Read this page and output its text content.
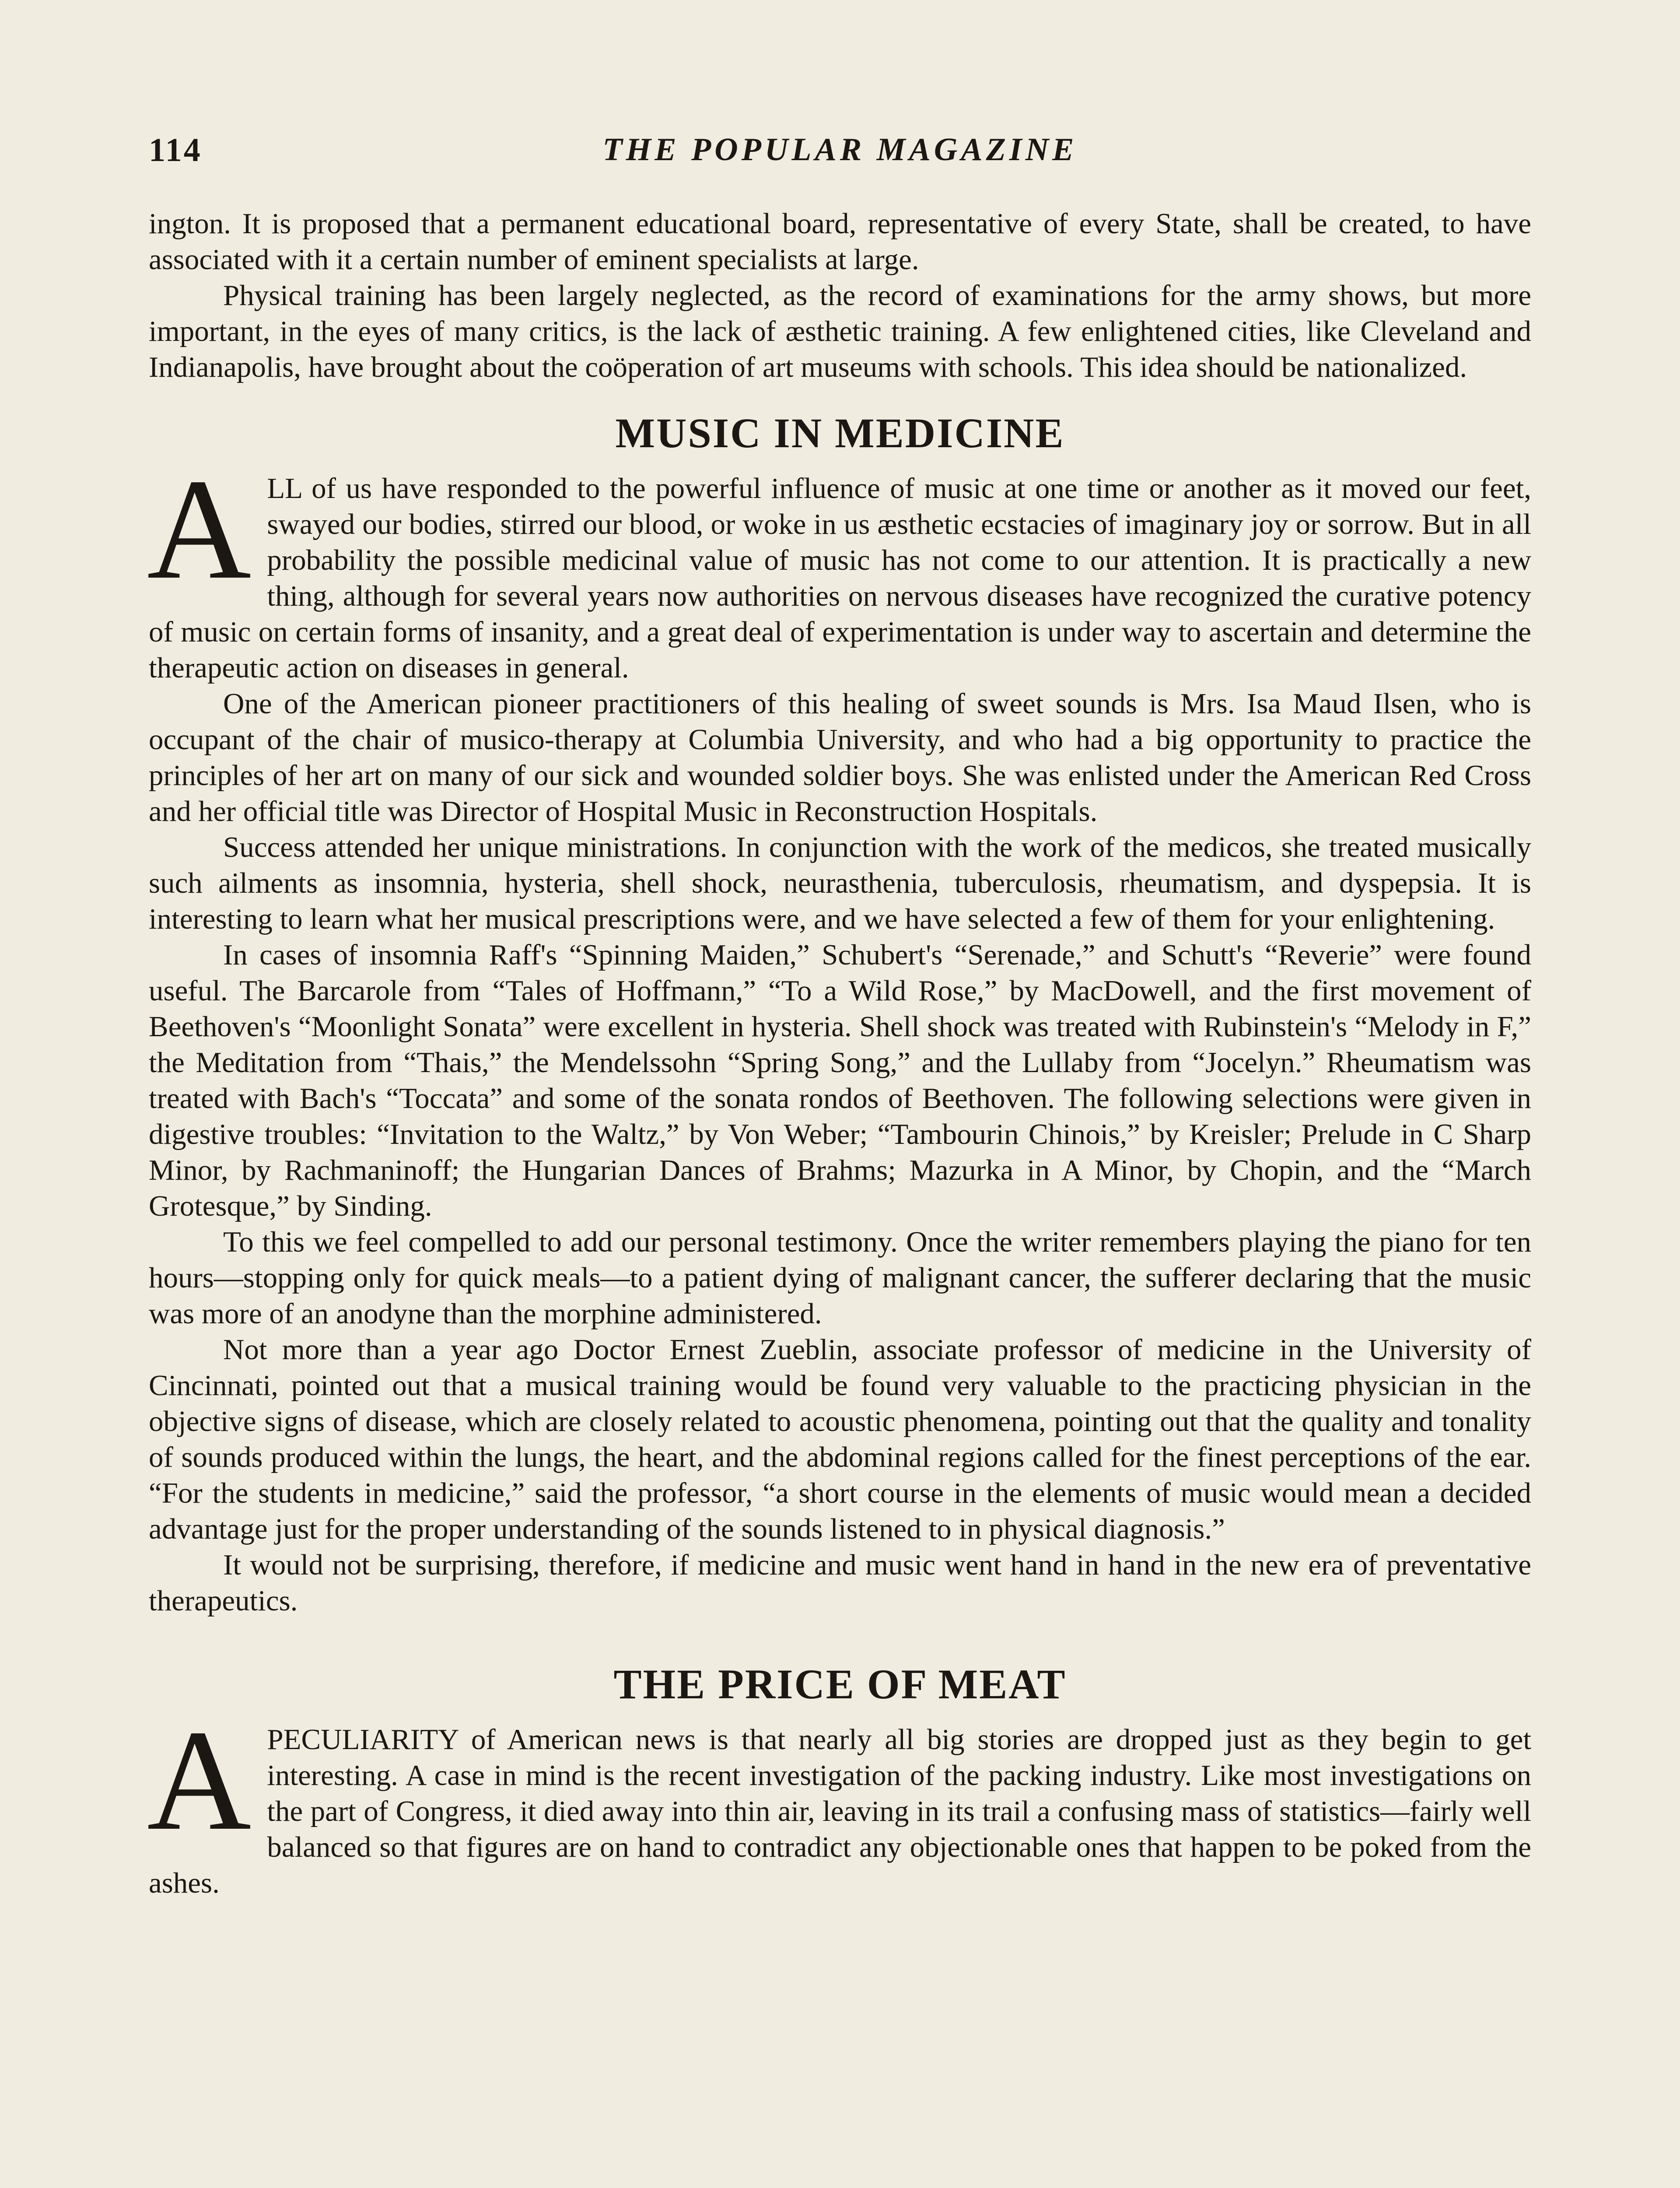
114	THE POPULAR MAGAZINE

ington. It is proposed that a permanent educational board, representative of every State, shall be created, to have associated with it a certain number of eminent specialists at large.

Physical training has been largely neglected, as the record of examinations for the army shows, but more important, in the eyes of many critics, is the lack of æsthetic training. A few enlightened cities, like Cleveland and Indianapolis, have brought about the coöperation of art museums with schools. This idea should be nationalized.

MUSIC IN MEDICINE

ALL of us have responded to the powerful influence of music at one time or another as it moved our feet, swayed our bodies, stirred our blood, or woke in us æsthetic ecstacies of imaginary joy or sorrow. But in all probability the possible medicinal value of music has not come to our attention. It is practically a new thing, although for several years now authorities on nervous diseases have recognized the curative potency of music on certain forms of insanity, and a great deal of experimentation is under way to ascertain and determine the therapeutic action on diseases in general.

One of the American pioneer practitioners of this healing of sweet sounds is Mrs. Isa Maud Ilsen, who is occupant of the chair of musico-therapy at Columbia University, and who had a big opportunity to practice the principles of her art on many of our sick and wounded soldier boys. She was enlisted under the American Red Cross and her official title was Director of Hospital Music in Reconstruction Hospitals.

Success attended her unique ministrations. In conjunction with the work of the medicos, she treated musically such ailments as insomnia, hysteria, shell shock, neurasthenia, tuberculosis, rheumatism, and dyspepsia. It is interesting to learn what her musical prescriptions were, and we have selected a few of them for your enlightening.

In cases of insomnia Raff's “Spinning Maiden,” Schubert's “Serenade,” and Schutt's “Reverie” were found useful. The Barcarole from “Tales of Hoffmann,” “To a Wild Rose,” by MacDowell, and the first movement of Beethoven's “Moonlight Sonata” were excellent in hysteria. Shell shock was treated with Rubinstein's “Melody in F,” the Meditation from “Thais,” the Mendelssohn “Spring Song,” and the Lullaby from “Jocelyn.” Rheumatism was treated with Bach's “Toccata” and some of the sonata rondos of Beethoven. The following selections were given in digestive troubles: “Invitation to the Waltz,” by Von Weber; “Tambourin Chinois,” by Kreisler; Prelude in C Sharp Minor, by Rachmaninoff; the Hungarian Dances of Brahms; Mazurka in A Minor, by Chopin, and the “March Grotesque,” by Sinding.

To this we feel compelled to add our personal testimony. Once the writer remembers playing the piano for ten hours—stopping only for quick meals—to a patient dying of malignant cancer, the sufferer declaring that the music was more of an anodyne than the morphine administered.

Not more than a year ago Doctor Ernest Zueblin, associate professor of medicine in the University of Cincinnati, pointed out that a musical training would be found very valuable to the practicing physician in the objective signs of disease, which are closely related to acoustic phenomena, pointing out that the quality and tonality of sounds produced within the lungs, the heart, and the abdominal regions called for the finest perceptions of the ear. “For the students in medicine,” said the professor, “a short course in the elements of music would mean a decided advantage just for the proper understanding of the sounds listened to in physical diagnosis.”

It would not be surprising, therefore, if medicine and music went hand in hand in the new era of preventative therapeutics.

THE PRICE OF MEAT

APECULIARITY of American news is that nearly all big stories are dropped just as they begin to get interesting. A case in mind is the recent investigation of the packing industry. Like most investigations on the part of Congress, it died away into thin air, leaving in its trail a confusing mass of statistics—fairly well balanced so that figures are on hand to contradict any objectionable ones that happen to be poked from the ashes.
